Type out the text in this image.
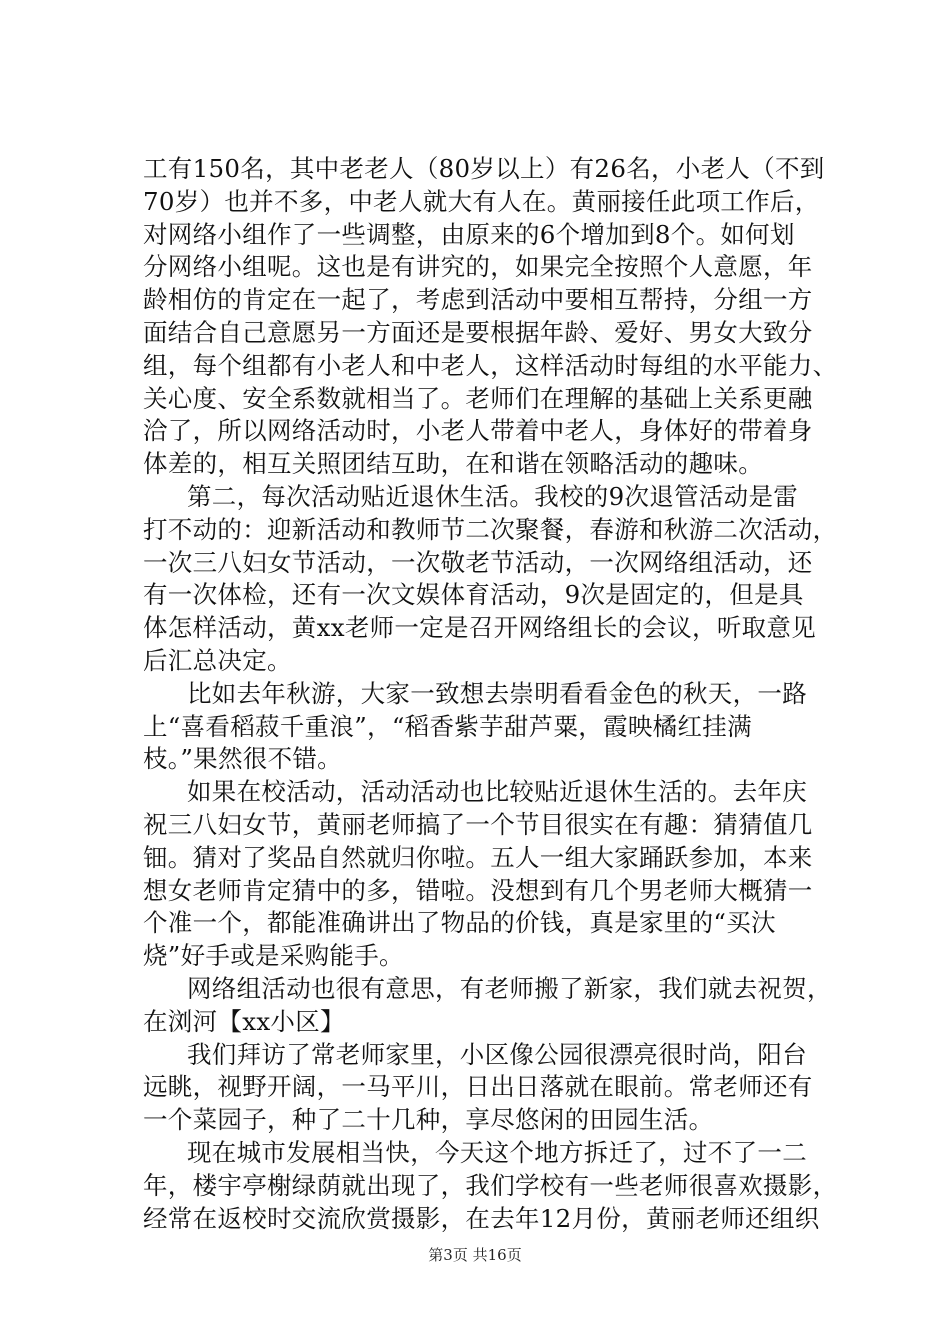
工有150名，其中老老人（80岁以上）有26名，小老人（不到
70岁）也并不多，中老人就大有人在。黄丽接任此项工作后，
对网络小组作了一些调整，由原来的6个增加到8个。如何划
分网络小组呢。这也是有讲究的，如果完全按照个人意愿，年
龄相仿的肯定在一起了，考虑到活动中要相互帮持，分组一方
面结合自己意愿另一方面还是要根据年龄、爱好、男女大致分
组，每个组都有小老人和中老人，这样活动时每组的水平能力、
关心度、安全系数就相当了。老师们在理解的基础上关系更融
洽了，所以网络活动时，小老人带着中老人，身体好的带着身
体差的，相互关照团结互助，在和谐在领略活动的趣味。
第二，每次活动贴近退休生活。我校的9次退管活动是雷
打不动的：迎新活动和教师节二次聚餐，春游和秋游二次活动，
一次三八妇女节活动，一次敬老节活动，一次网络组活动，还
有一次体检，还有一次文娱体育活动，9次是固定的，但是具
体怎样活动，黄xx老师一定是召开网络组长的会议，听取意见
后汇总决定。
比如去年秋游，大家一致想去崇明看看金色的秋天，一路
上“喜看稻菽千重浪”，“稻香紫芋甜芦粟，霞映橘红挂满
枝。”果然很不错。
如果在校活动，活动活动也比较贴近退休生活的。去年庆
祝三八妇女节，黄丽老师搞了一个节目很实在有趣：猜猜值几
钿。猜对了奖品自然就归你啦。五人一组大家踊跃参加，本来
想女老师肯定猜中的多，错啦。没想到有几个男老师大概猜一
个准一个，都能准确讲出了物品的价钱，真是家里的“买汏
烧”好手或是采购能手。
网络组活动也很有意思，有老师搬了新家，我们就去祝贺，
在浏河【xx小区】
我们拜访了常老师家里，小区像公园很漂亮很时尚，阳台
远眺，视野开阔，一马平川，日出日落就在眼前。常老师还有
一个菜园子，种了二十几种，享尽悠闲的田园生活。
现在城市发展相当快，今天这个地方拆迁了，过不了一二
年，楼宇亭榭绿荫就出现了，我们学校有一些老师很喜欢摄影，
经常在返校时交流欣赏摄影，在去年12月份，黄丽老师还组织
第3页 共16页
